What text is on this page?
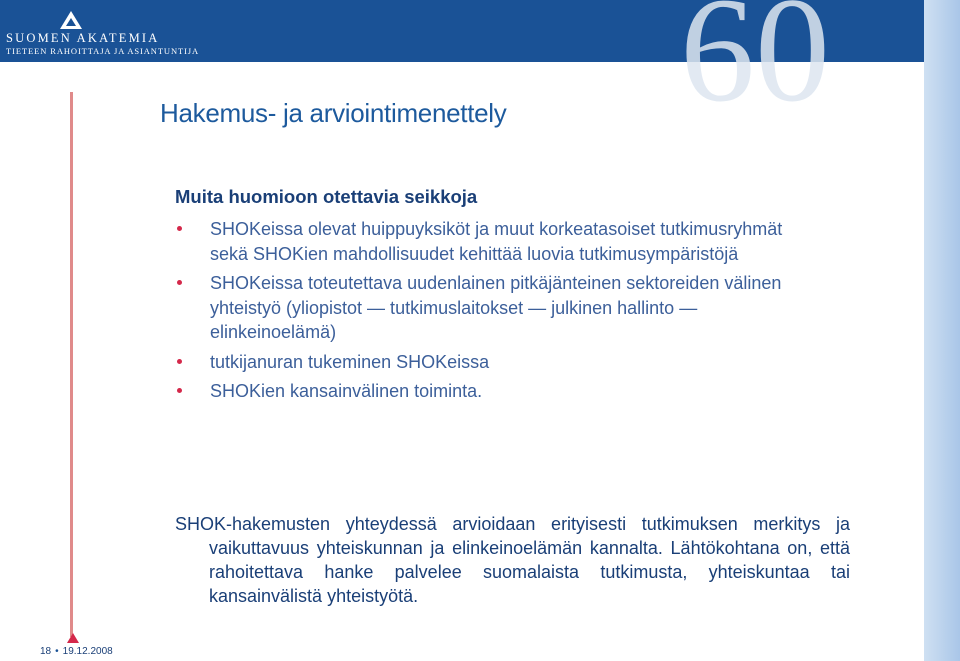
SUOMEN AKATEMIA
TIETEEN RAHOITTAJA JA ASIANTUNTIJA	60
Hakemus- ja arviointimenettely
Muita huomioon otettavia seikkoja
SHOKeissa olevat huippuyksiköt ja muut korkeatasoiset tutkimusryhmät sekä SHOKien mahdollisuudet kehittää luovia tutkimusympäristöjä
SHOKeissa toteutettava uudenlainen pitkäjänteinen sektoreiden välinen yhteistyö (yliopistot — tutkimuslaitokset — julkinen hallinto — elinkeinoelämä)
tutkijanuran tukeminen SHOKeissa
SHOKien kansainvälinen toiminta.

SHOK-hakemusten yhteydessä arvioidaan erityisesti tutkimuksen merkitys ja vaikuttavuus yhteiskunnan ja elinkeinoelämän kannalta. Lähtökohtana on, että rahoitettava hanke palvelee suomalaista tutkimusta, yhteiskuntaa tai kansainvälistä yhteistyötä.

18 • 19.12.2008
